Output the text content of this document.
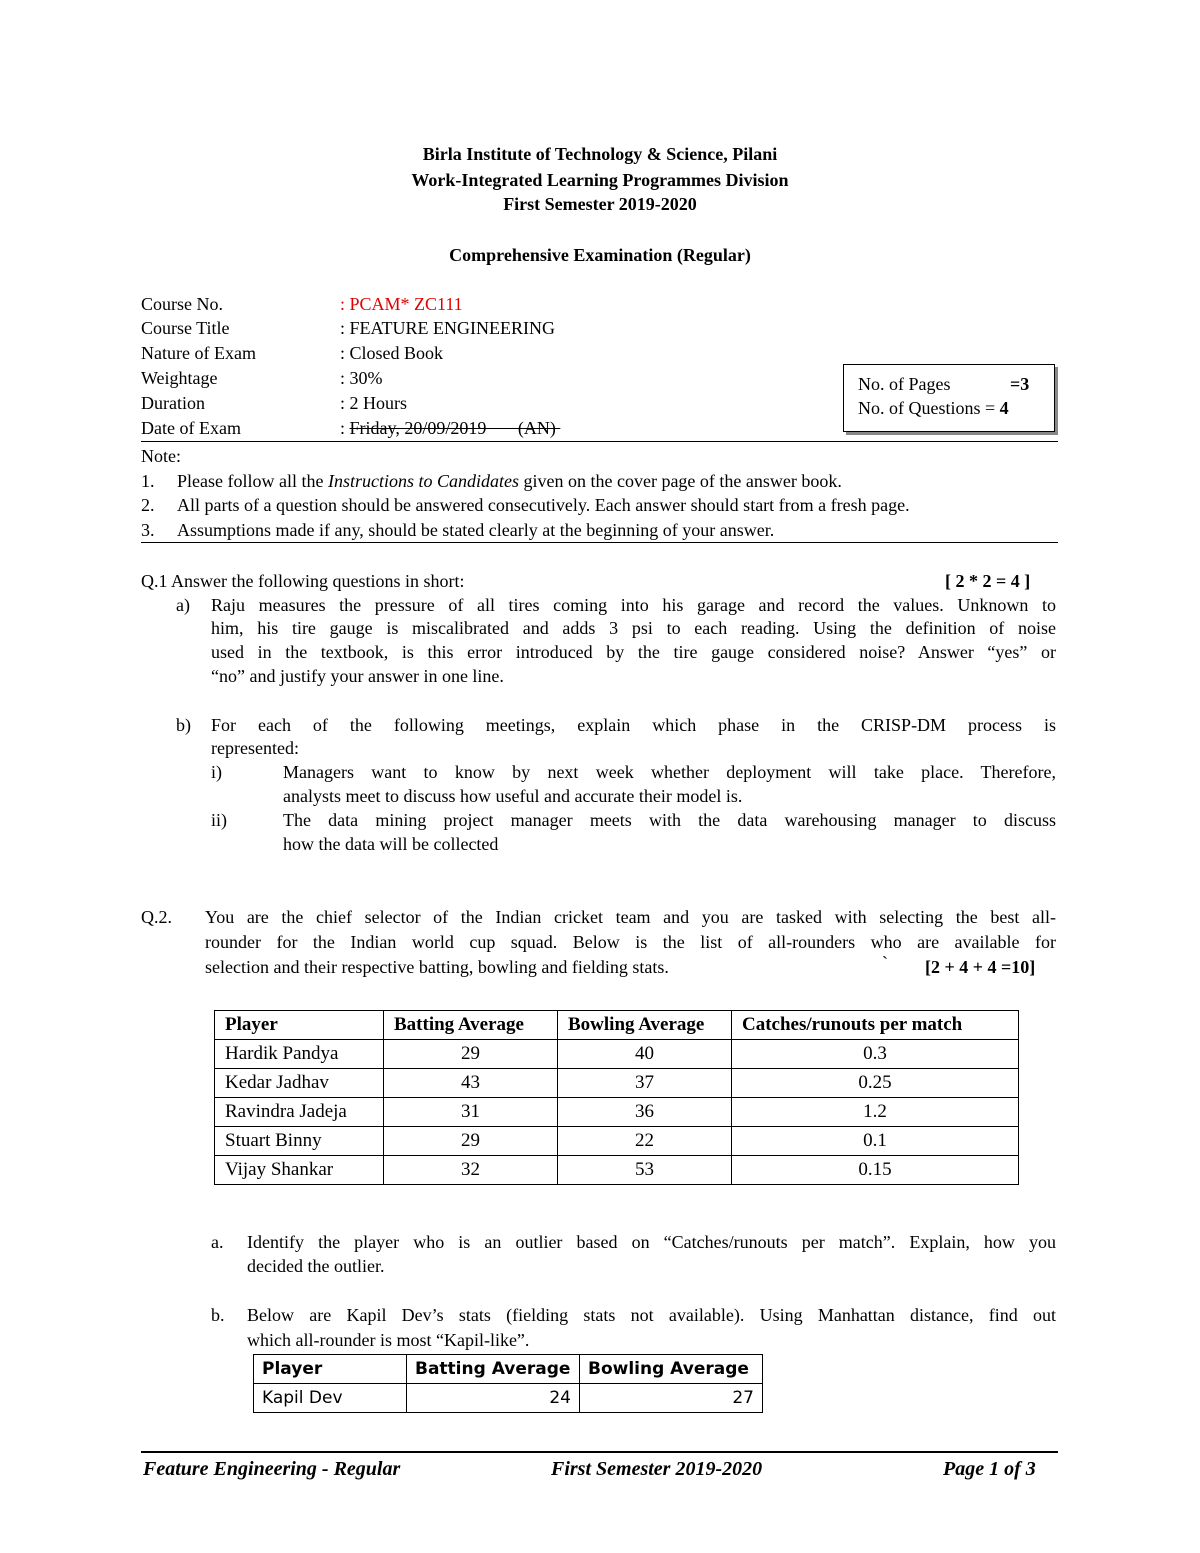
Birla Institute of Technology & Science, Pilani
Work-Integrated Learning Programmes Division
First Semester 2019-2020
Comprehensive Examination (Regular)
Course No.	: PCAM* ZC111
Course Title	: FEATURE ENGINEERING
Nature of Exam	: Closed Book
Weightage	: 30%
Duration	: 2 Hours
Date of Exam	: Friday, 20/09/2019       (AN)
No. of Pages	=3
No. of Questions = 4
Note:
1. Please follow all the Instructions to Candidates given on the cover page of the answer book.
2. All parts of a question should be answered consecutively. Each answer should start from a fresh page.
3. Assumptions made if any, should be stated clearly at the beginning of your answer.
Q.1 Answer the following questions in short:	[ 2 * 2 = 4 ]
a) Raju measures the pressure of all tires coming into his garage and record the values. Unknown to
him, his tire gauge is miscalibrated and adds 3 psi to each reading. Using the definition of noise
used in the textbook, is this error introduced by the tire gauge considered noise? Answer “yes” or
“no” and justify your answer in one line.
b) For each of the following meetings, explain which phase in the CRISP-DM process is
represented:
i)	Managers want to know by next week whether deployment will take place. Therefore,
analysts meet to discuss how useful and accurate their model is.
ii)	The data mining project manager meets with the data warehousing manager to discuss
how the data will be collected
Q.2. You are the chief selector of the Indian cricket team and you are tasked with selecting the best all-
rounder for the Indian world cup squad. Below is the list of all-rounders who are available for
selection and their respective batting, bowling and fielding stats.	` [2 + 4 + 4 =10]
Player	Batting Average	Bowling Average	Catches/runouts per match
Hardik Pandya	29	40	0.3
Kedar Jadhav	43	37	0.25
Ravindra Jadeja	31	36	1.2
Stuart Binny	29	22	0.1
Vijay Shankar	32	53	0.15
a. Identify the player who is an outlier based on “Catches/runouts per match”. Explain, how you
decided the outlier.
b. Below are Kapil Dev’s stats (fielding stats not available). Using Manhattan distance, find out
which all-rounder is most “Kapil-like”.
Player	Batting Average	Bowling Average
Kapil Dev	24	27
Feature Engineering - Regular	First Semester 2019-2020	Page 1 of 3
